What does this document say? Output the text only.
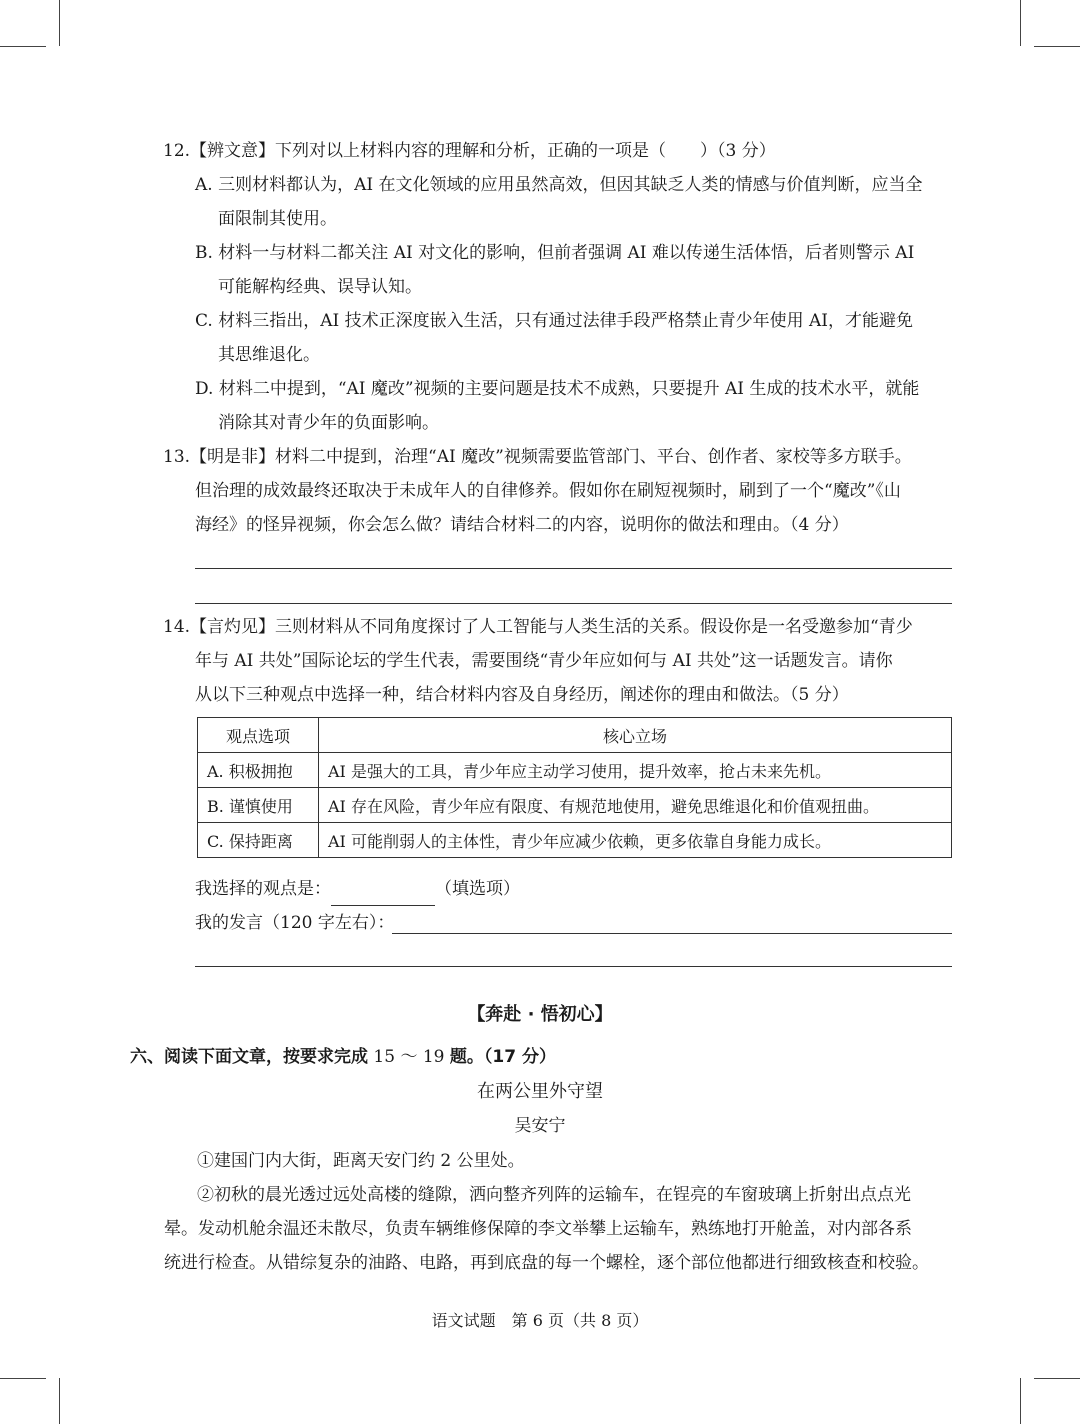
12.【辨文意】下列对以上材料内容的理解和分析，正确的一项是（　　）（3 分）
A. 三则材料都认为，AI 在文化领域的应用虽然高效，但因其缺乏人类的情感与价值判断，应当全
面限制其使用。
B. 材料一与材料二都关注 AI 对文化的影响，但前者强调 AI 难以传递生活体悟，后者则警示 AI
可能解构经典、误导认知。
C. 材料三指出，AI 技术正深度嵌入生活，只有通过法律手段严格禁止青少年使用 AI，才能避免
其思维退化。
D. 材料二中提到，“AI 魔改”视频的主要问题是技术不成熟，只要提升 AI 生成的技术水平，就能
消除其对青少年的负面影响。
13.【明是非】材料二中提到，治理“AI 魔改”视频需要监管部门、平台、创作者、家校等多方联手。
但治理的成效最终还取决于未成年人的自律修养。假如你在刷短视频时，刷到了一个“魔改”《山
海经》的怪异视频，你会怎么做？请结合材料二的内容，说明你的做法和理由。（4 分）
14.【言灼见】三则材料从不同角度探讨了人工智能与人类生活的关系。假设你是一名受邀参加“青少
年与 AI 共处”国际论坛的学生代表，需要围绕“青少年应如何与 AI 共处”这一话题发言。请你
从以下三种观点中选择一种，结合材料内容及自身经历，阐述你的理由和做法。（5 分）
观点选项	核心立场
A. 积极拥抱	AI 是强大的工具，青少年应主动学习使用，提升效率，抢占未来先机。
B. 谨慎使用	AI 存在风险，青少年应有限度、有规范地使用，避免思维退化和价值观扭曲。
C. 保持距离	AI 可能削弱人的主体性，青少年应减少依赖，更多依靠自身能力成长。
我选择的观点是：	（填选项）
我的发言（120 字左右）：
【奔赴 · 悟初心】
六、阅读下面文章，按要求完成 15 ～ 19 题。（17 分）
在两公里外守望
吴安宁
①建国门内大街，距离天安门约 2 公里处。
②初秋的晨光透过远处高楼的缝隙，洒向整齐列阵的运输车，在锃亮的车窗玻璃上折射出点点光
晕。发动机舱余温还未散尽，负责车辆维修保障的李文举攀上运输车，熟练地打开舱盖，对内部各系
统进行检查。从错综复杂的油路、电路，再到底盘的每一个螺栓，逐个部位他都进行细致核查和校验。
语文试题　第 6 页（共 8 页）
